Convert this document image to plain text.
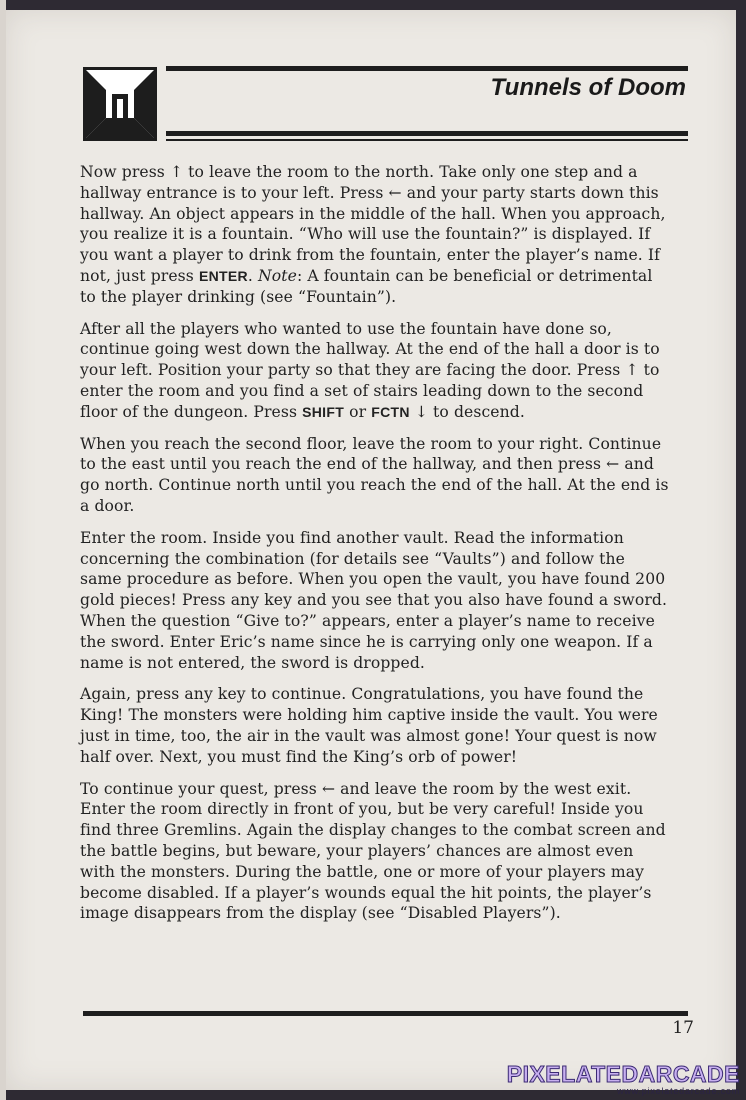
Tunnels of Doom

Now press ↑ to leave the room to the north. Take only one step and a hallway entrance is to your left. Press ← and your party starts down this hallway. An object appears in the middle of the hall. When you approach, you realize it is a fountain. “Who will use the fountain?” is displayed. If you want a player to drink from the fountain, enter the player’s name. If not, just press ENTER. Note: A fountain can be beneficial or detrimental to the player drinking (see “Fountain”).

After all the players who wanted to use the fountain have done so, continue going west down the hallway. At the end of the hall a door is to your left. Position your party so that they are facing the door. Press ↑ to enter the room and you find a set of stairs leading down to the second floor of the dungeon. Press SHIFT or FCTN ↓ to descend.

When you reach the second floor, leave the room to your right. Continue to the east until you reach the end of the hallway, and then press ← and go north. Continue north until you reach the end of the hall. At the end is a door.

Enter the room. Inside you find another vault. Read the information concerning the combination (for details see “Vaults”) and follow the same procedure as before. When you open the vault, you have found 200 gold pieces! Press any key and you see that you also have found a sword. When the question “Give to?” appears, enter a player’s name to receive the sword. Enter Eric’s name since he is carrying only one weapon. If a name is not entered, the sword is dropped.

Again, press any key to continue. Congratulations, you have found the King! The monsters were holding him captive inside the vault. You were just in time, too, the air in the vault was almost gone! Your quest is now half over. Next, you must find the King’s orb of power!

To continue your quest, press ← and leave the room by the west exit. Enter the room directly in front of you, but be very careful! Inside you find three Gremlins. Again the display changes to the combat screen and the battle begins, but beware, your players’ chances are almost even with the monsters. During the battle, one or more of your players may become disabled. If a player’s wounds equal the hit points, the player’s image disappears from the display (see “Disabled Players”).

17
PIXELATEDARCADE
www.pixelatedarcade.com
